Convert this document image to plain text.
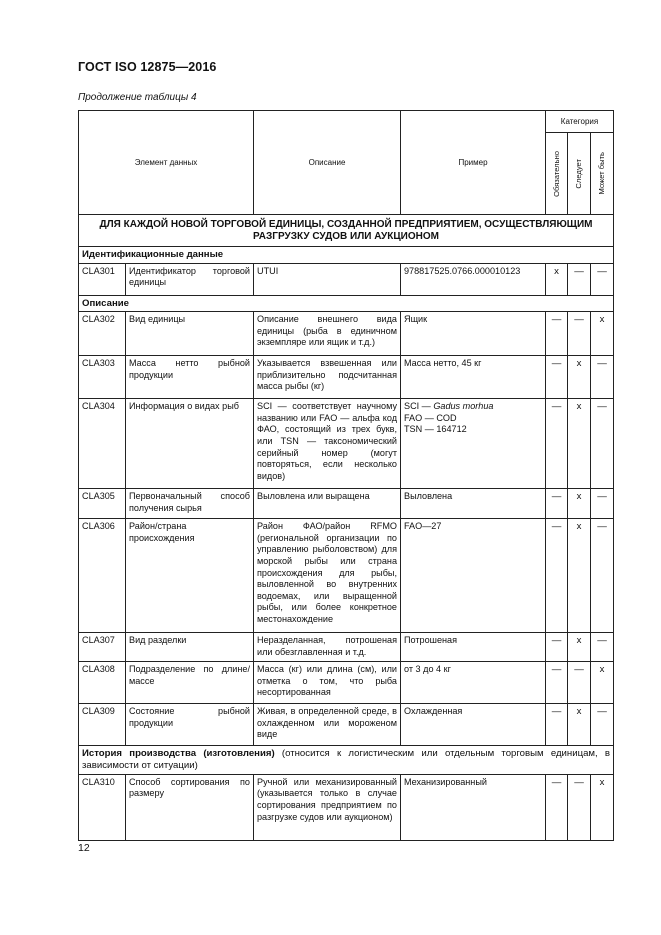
ГОСТ ISO 12875—2016
Продолжение таблицы 4
Элемент данных		Описание	Пример	Категория		

				Обязательно	Следует	Может быть

ДЛЯ КАЖДОЙ НОВОЙ ТОРГОВОЙ ЕДИНИЦЫ, СОЗДАННОЙ ПРЕДПРИЯТИЕМ, ОСУЩЕСТВЛЯЮЩИМ РАЗГРУЗКУ СУДОВ ИЛИ АУКЦИОНОМ						
Идентификационные данные						
CLA301	Идентификатор торговой единицы	UTUI	978817525.0766.000010123	x	—	—
Описание						
CLA302	Вид единицы	Описание внешнего вида единицы (рыба в единичном экземпляре или ящик и т.д.)	Ящик	—	—	x
CLA303	Масса нетто рыбной продукции	Указывается взвешенная или приблизительно подсчитанная масса рыбы (кг)	Масса нетто, 45 кг	—	x	—
CLA304	Информация о видах рыб	SCI — соответствует научному названию или FAO — альфа код ФАО, состоящий из трех букв, или TSN — таксономический серийный номер (могут повторяться, если несколько видов)	SCI — Gadus morhua
FAO — COD
TSN — 164712	—	x	—
CLA305	Первоначальный способ получения сырья	Выловлена или выращена	Выловлена	—	x	—
CLA306	Район/страна происхождения	Район ФАО/район RFMO (региональной организации по управлению рыболовством) для морской рыбы или страна происхождения для рыбы, выловленной во внутренних водоемах, или выращенной рыбы, или более конкретное местонахождение	FAO—27	—	x	—
CLA307	Вид разделки	Неразделанная, потрошеная или обезглавленная и т.д.	Потрошеная	—	x	—
CLA308	Подразделение по длине/массе	Масса (кг) или длина (см), или отметка о том, что рыба несортированная	от 3 до 4 кг	—	—	x
CLA309	Состояние рыбной продукции	Живая, в определенной среде, в охлажденном или мороженом виде	Охлажденная	—	x	—
История производства (изготовления) (относится к логистическим или отдельным торговым единицам, в зависимости от ситуации)						
CLA310	Способ сортирования по размеру	Ручной или механизированный (указывается только в случае сортирования предприятием по разгрузке судов или аукционом)	Механизированный	—	—	x
12
